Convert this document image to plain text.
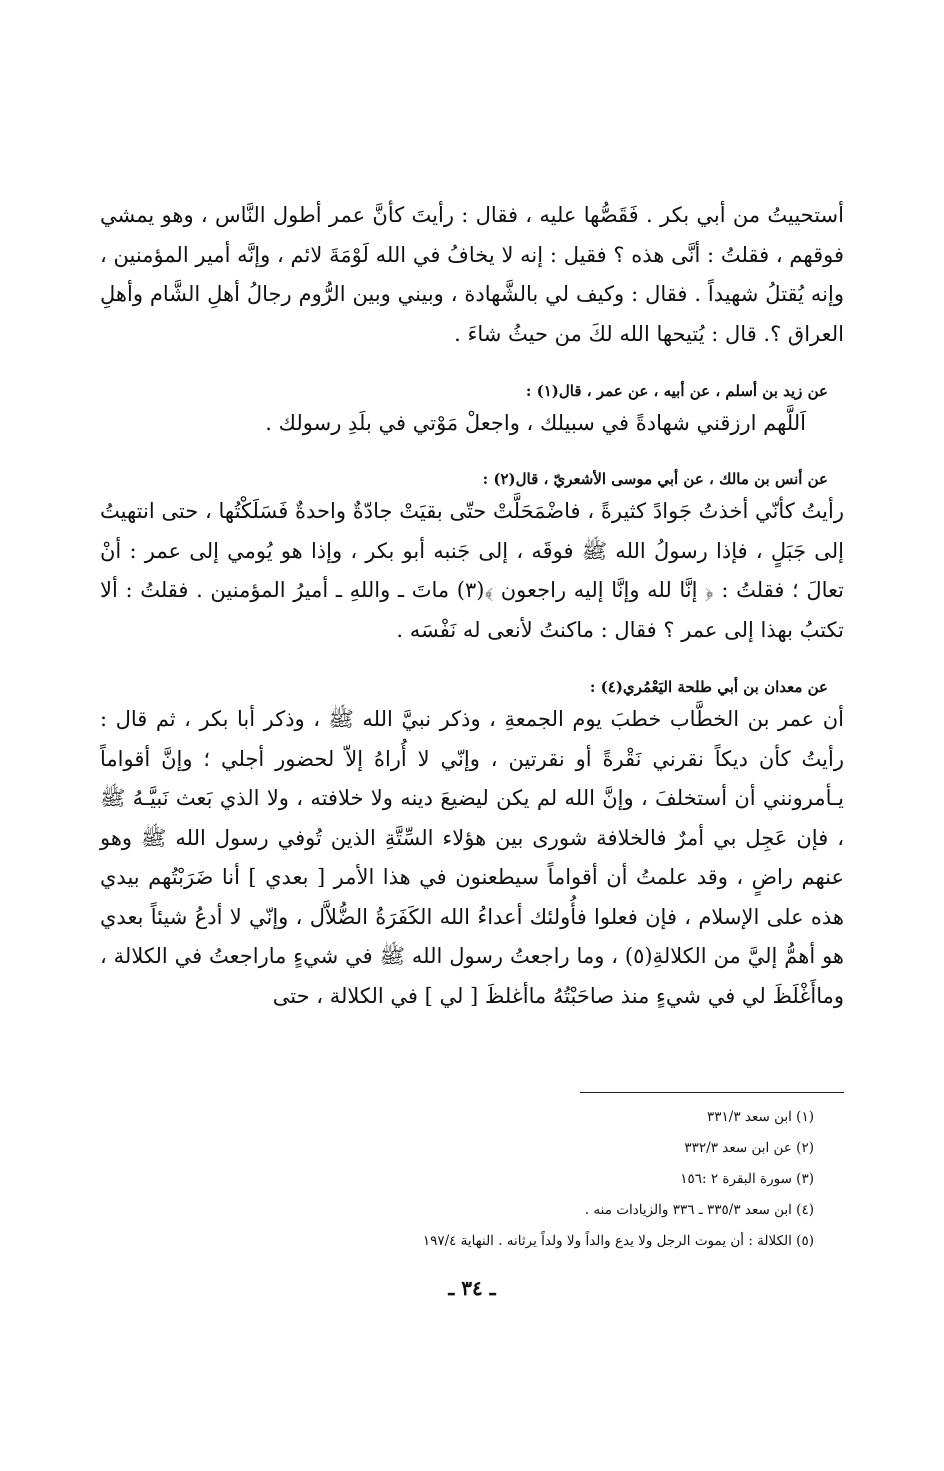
أستحييتُ من أبي بكر . فَقَصُّها عليه ، فقال : رأيتَ كأنَّ عمر أطول النَّاس ، وهو يمشي فوقهم ، فقلتُ : أنَّى هذه ؟ فقيل : إنه لا يخافُ في الله لَوْمَةَ لائم ، وإنَّه أمير المؤمنين ، وإنه يُقتلُ شهيداً . فقال : وكيف لي بالشَّهادة ، وبيني وبين الرُّوم رجالُ أهلِ الشَّام وأهلِ العراق ؟. قال : يُتيحها الله لكَ من حيثُ شاءَ .

عن زيد بن أسلم ، عن أبيه ، عن عمر ، قال(١) :

اَللَّهم ارزقني شهادةً في سبيلك ، واجعلْ مَوْتي في بلَدِ رسولك .

عن أنس بن مالك ، عن أبي موسى الأشعريّ ، قال(٢) :

رأيتُ كأنّي أخذتُ جَوادً كثيرةً ، فاضْمَحَلَّتْ حتّى بقيَتْ جادّةٌ واحدةٌ فَسَلَكْتُها ، حتى انتهيتُ إلى جَبَلٍ ، فإذا رسولُ الله ﷺ فوقَه ، إلى جَنبه أبو بكر ، وإذا هو يُومي إلى عمر : أنْ تعالَ ؛ فقلتُ : ﴿ إنَّا لله وإنَّا إليه راجعون ﴾(٣) ماتَ ـ واللهِ ـ أميرُ المؤمنين . فقلتُ : ألا تكتبُ بهذا إلى عمر ؟ فقال : ماكنتُ لأنعى له نَفْسَه .

عن معدان بن أبي طلحة اليَعْمُري(٤) :

أن عمر بن الخطَّاب خطبَ يوم الجمعةِ ، وذكر نبيَّ الله ﷺ ، وذكر أبا بكر ، ثم قال : رأيتُ كأن ديكاً نقرني نَقْرةً أو نقرتين ، وإنّي لا أُراهُ إلاّ لحضور أجلي ؛ وإنَّ أقواماً يـأمرونني أن أستخلفَ ، وإنَّ الله لم يكن ليضيعَ دينه ولا خلافته ، ولا الذي بَعث نَبيَّـهُ ﷺ ، فإن عَجِل بي أمرٌ فالخلافة شورى بين هؤلاء السِّتَّةِ الذين تُوفي رسول الله ﷺ وهو عنهم راضٍ ، وقد علمتُ أن أقواماً سيطعنون في هذا الأمر [ بعدي ] أنا ضَرَبْتُهم بيدي هذه على الإسلام ، فإن فعلوا فأُولئك أعداءُ الله الكَفَرَةُ الضُّلاَّل ، وإنّي لا أدعُ شيئاً بعدي هو أهمُّ إليَّ من الكلالةِ(٥) ، وما راجعتُ رسول الله ﷺ في شيءٍ ماراجعتُ في الكلالة ، وماأَغْلَظَ لي في شيءٍ منذ صاحَبْتُهُ ماأغلظَ [ لي ] في الكلالة ، حتى

(١) ابن سعد ٣٣١/٣

(٢) عن ابن سعد ٣٣٢/٣

(٣) سورة البقرة ٢ :١٥٦

(٤) ابن سعد ٣٣٥/٣ ـ ٣٣٦ والزيادات منه .

(٥) الكلالة : أن يموت الرجل ولا يدع والداً ولا ولداً يرثانه . النهاية ١٩٧/٤

ـ ٣٤ ـ
